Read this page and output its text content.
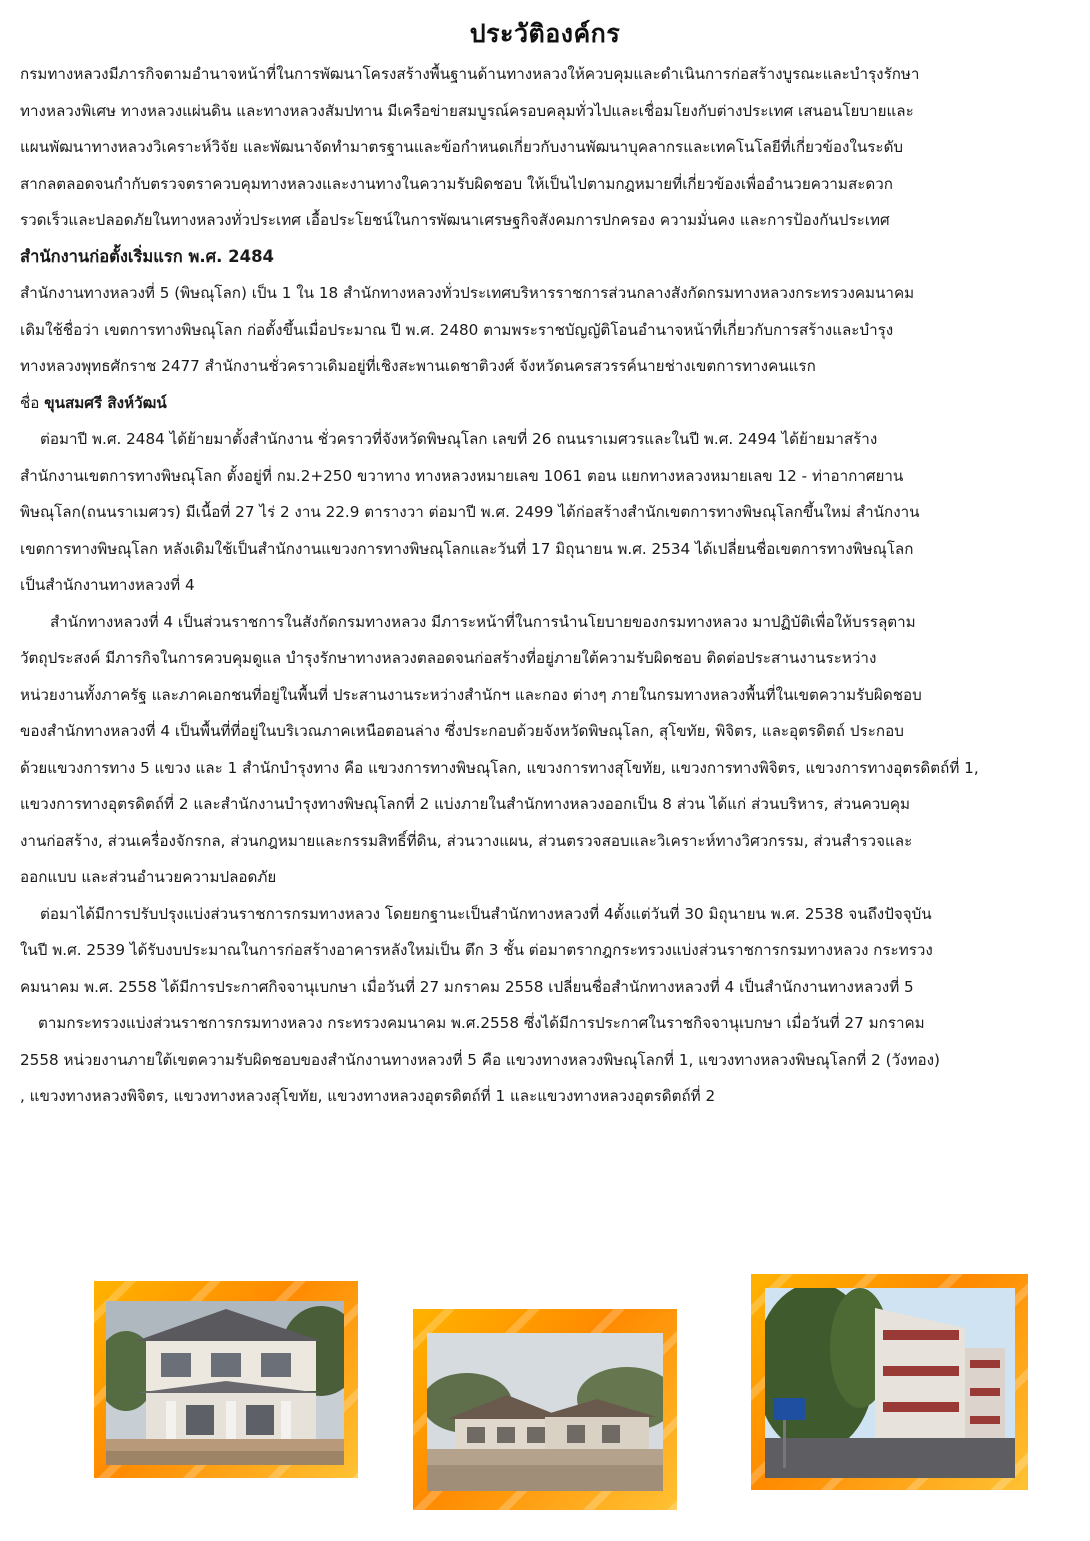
ประวัติองค์กร
กรมทางหลวงมีภารกิจตามอำนาจหน้าที่ในการพัฒนาโครงสร้างพื้นฐานด้านทางหลวงให้ควบคุมและดำเนินการก่อสร้างบูรณะและบำรุงรักษา
ทางหลวงพิเศษ ทางหลวงแผ่นดิน และทางหลวงสัมปทาน มีเครือข่ายสมบูรณ์ครอบคลุมทั่วไปและเชื่อมโยงกับต่างประเทศ เสนอนโยบายและ
แผนพัฒนาทางหลวงวิเคราะห์วิจัย และพัฒนาจัดทำมาตรฐานและข้อกำหนดเกี่ยวกับงานพัฒนาบุคลากรและเทคโนโลยีที่เกี่ยวข้องในระดับ
สากลตลอดจนกำกับตรวจตราควบคุมทางหลวงและงานทางในความรับผิดชอบ ให้เป็นไปตามกฎหมายที่เกี่ยวข้องเพื่ออำนวยความสะดวก
รวดเร็วและปลอดภัยในทางหลวงทั่วประเทศ เอื้อประโยชน์ในการพัฒนาเศรษฐกิจสังคมการปกครอง ความมั่นคง และการป้องกันประเทศ
สำนักงานก่อตั้งเริ่มแรก พ.ศ. 2484
สำนักงานทางหลวงที่ 5 (พิษณุโลก) เป็น 1 ใน 18 สำนักทางหลวงทั่วประเทศบริหารราชการส่วนกลางสังกัดกรมทางหลวงกระทรวงคมนาคม
เดิมใช้ชื่อว่า เขตการทางพิษณุโลก ก่อตั้งขึ้นเมื่อประมาณ ปี พ.ศ. 2480 ตามพระราชบัญญัติโอนอำนาจหน้าที่เกี่ยวกับการสร้างและบำรุง
ทางหลวงพุทธศักราช 2477 สำนักงานชั่วคราวเดิมอยู่ที่เชิงสะพานเดชาติวงศ์ จังหวัดนครสวรรค์นายช่างเขตการทางคนแรก
ชื่อ ขุนสมศรี สิงห์วัฒน์
ต่อมาปี พ.ศ. 2484 ได้ย้ายมาตั้งสำนักงาน ชั่วคราวที่จังหวัดพิษณุโลก เลขที่ 26 ถนนราเมศวรและในปี พ.ศ. 2494 ได้ย้ายมาสร้าง
สำนักงานเขตการทางพิษณุโลก ตั้งอยู่ที่ กม.2+250 ขวาทาง ทางหลวงหมายเลข 1061 ตอน แยกทางหลวงหมายเลข 12 - ท่าอากาศยาน
พิษณุโลก(ถนนราเมศวร) มีเนื้อที่ 27 ไร่ 2 งาน 22.9 ตารางวา ต่อมาปี พ.ศ. 2499 ได้ก่อสร้างสำนักเขตการทางพิษณุโลกขึ้นใหม่ สำนักงาน
เขตการทางพิษณุโลก หลังเดิมใช้เป็นสำนักงานแขวงการทางพิษณุโลกและวันที่ 17 มิถุนายน พ.ศ. 2534 ได้เปลี่ยนชื่อเขตการทางพิษณุโลก
เป็นสำนักงานทางหลวงที่ 4
สำนักทางหลวงที่ 4 เป็นส่วนราชการในสังกัดกรมทางหลวง มีภาระหน้าที่ในการนำนโยบายของกรมทางหลวง มาปฏิบัติเพื่อให้บรรลุตาม
วัตถุประสงค์ มีภารกิจในการควบคุมดูแล บำรุงรักษาทางหลวงตลอดจนก่อสร้างที่อยู่ภายใต้ความรับผิดชอบ ติดต่อประสานงานระหว่าง
หน่วยงานทั้งภาครัฐ และภาคเอกชนที่อยู่ในพื้นที่ ประสานงานระหว่างสำนักฯ และกอง ต่างๆ ภายในกรมทางหลวงพื้นที่ในเขตความรับผิดชอบ
ของสำนักทางหลวงที่ 4 เป็นพื้นที่ที่อยู่ในบริเวณภาคเหนือตอนล่าง ซึ่งประกอบด้วยจังหวัดพิษณุโลก, สุโขทัย, พิจิตร, และอุตรดิตถ์ ประกอบ
ด้วยแขวงการทาง 5 แขวง และ 1 สำนักบำรุงทาง คือ แขวงการทางพิษณุโลก, แขวงการทางสุโขทัย, แขวงการทางพิจิตร, แขวงการทางอุตรดิตถ์ที่ 1,
แขวงการทางอุตรดิตถ์ที่ 2 และสำนักงานบำรุงทางพิษณุโลกที่ 2 แบ่งภายในสำนักทางหลวงออกเป็น 8 ส่วน ได้แก่ ส่วนบริหาร, ส่วนควบคุม
งานก่อสร้าง, ส่วนเครื่องจักรกล, ส่วนกฎหมายและกรรมสิทธิ์ที่ดิน, ส่วนวางแผน, ส่วนตรวจสอบและวิเคราะห์ทางวิศวกรรม, ส่วนสำรวจและ
ออกแบบ และส่วนอำนวยความปลอดภัย
ต่อมาได้มีการปรับปรุงแบ่งส่วนราชการกรมทางหลวง โดยยกฐานะเป็นสำนักทางหลวงที่ 4ตั้งแต่วันที่ 30 มิถุนายน พ.ศ. 2538 จนถึงปัจจุบัน
ในปี พ.ศ. 2539 ได้รับงบประมาณในการก่อสร้างอาคารหลังใหม่เป็น ตึก 3 ชั้น ต่อมาตรากฎกระทรวงแบ่งส่วนราชการกรมทางหลวง กระทรวง
คมนาคม พ.ศ. 2558 ได้มีการประกาศกิจจานุเบกษา เมื่อวันที่ 27 มกราคม 2558 เปลี่ยนชื่อสำนักทางหลวงที่ 4 เป็นสำนักงานทางหลวงที่ 5
ตามกระทรวงแบ่งส่วนราชการกรมทางหลวง กระทรวงคมนาคม พ.ศ.2558 ซึ่งได้มีการประกาศในราชกิจจานุเบกษา เมื่อวันที่ 27 มกราคม
2558 หน่วยงานภายใต้เขตความรับผิดชอบของสำนักงานทางหลวงที่ 5 คือ แขวงทางหลวงพิษณุโลกที่ 1, แขวงทางหลวงพิษณุโลกที่ 2 (วังทอง)
, แขวงทางหลวงพิจิตร, แขวงทางหลวงสุโขทัย, แขวงทางหลวงอุตรดิตถ์ที่ 1 และแขวงทางหลวงอุตรดิตถ์ที่ 2
